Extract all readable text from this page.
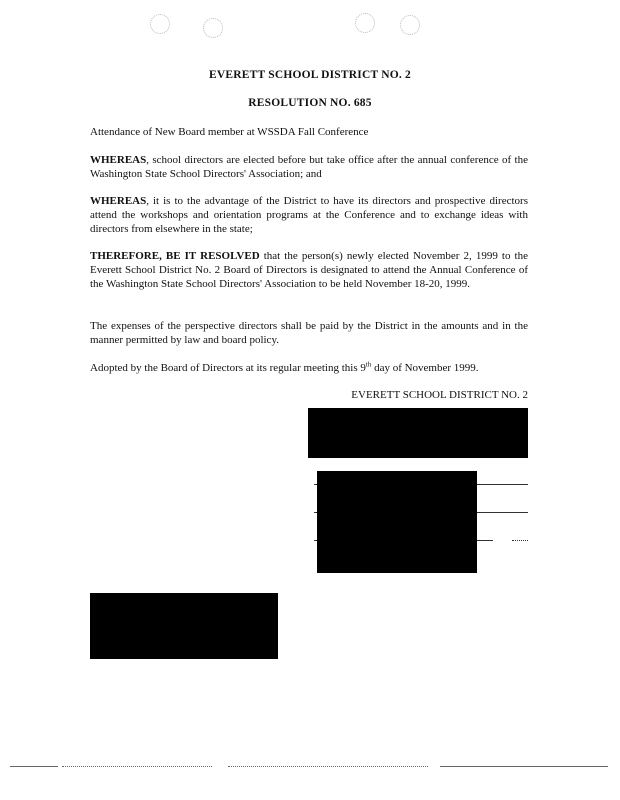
EVERETT SCHOOL DISTRICT NO. 2
RESOLUTION NO. 685
Attendance of New Board member at WSSDA Fall Conference
WHEREAS, school directors are elected before but take office after the annual conference of the Washington State School Directors' Association; and
WHEREAS, it is to the advantage of the District to have its directors and prospective directors attend the workshops and orientation programs at the Conference and to exchange ideas with directors from elsewhere in the state;
THEREFORE, BE IT RESOLVED that the person(s) newly elected November 2, 1999 to the Everett School District No. 2 Board of Directors is designated to attend the Annual Conference of the Washington State School Directors' Association to be held November 18-20, 1999.
The expenses of the perspective directors shall be paid by the District in the amounts and in the manner permitted by law and board policy.
Adopted by the Board of Directors at its regular meeting this 9th day of November 1999.
EVERETT SCHOOL DISTRICT NO. 2
